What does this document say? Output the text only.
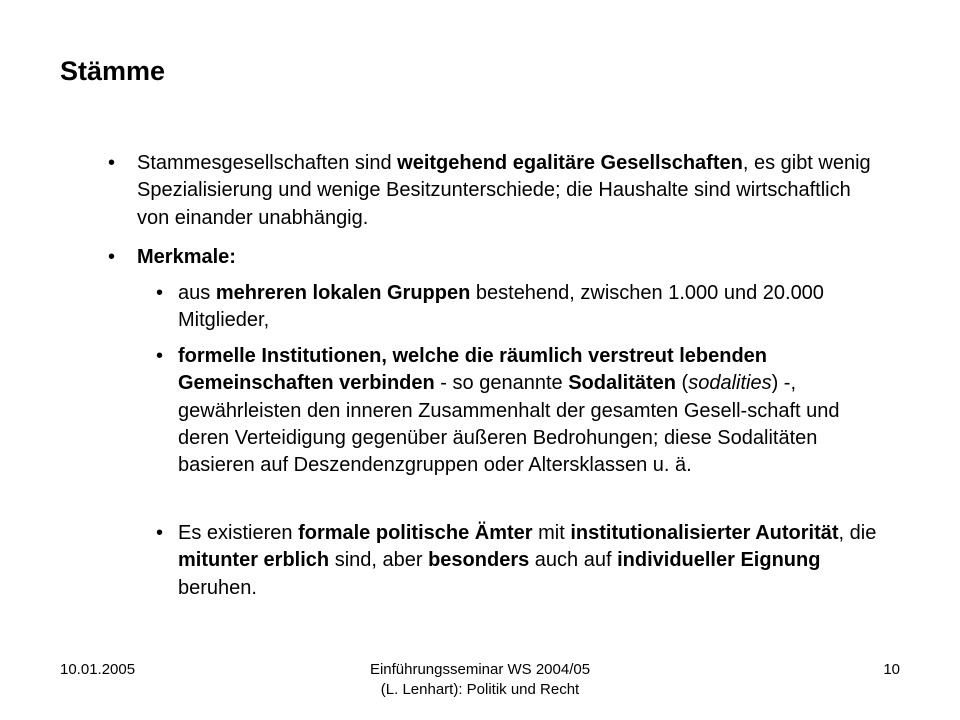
Stämme
• Stammesgesellschaften sind weitgehend egalitäre Gesellschaften, es gibt wenig Spezialisierung und wenige Besitzunterschiede; die Haushalte sind wirtschaftlich von einander unabhängig.
• Merkmale:
• aus mehreren lokalen Gruppen bestehend, zwischen 1.000 und 20.000 Mitglieder,
• formelle Institutionen, welche die räumlich verstreut lebenden Gemeinschaften verbinden - so genannte Sodalitäten (sodalities) -, gewährleisten den inneren Zusammenhalt der gesamten Gesell-schaft und deren Verteidigung gegenüber äußeren Bedrohungen; diese Sodalitäten basieren auf Deszendenzgruppen oder Altersklassen u. ä.
• Es existieren formale politische Ämter mit institutionalisierter Autorität, die mitunter erblich sind, aber besonders auch auf individueller Eignung beruhen.
10.01.2005	Einführungsseminar WS 2004/05
(L. Lenhart): Politik und Recht
10
